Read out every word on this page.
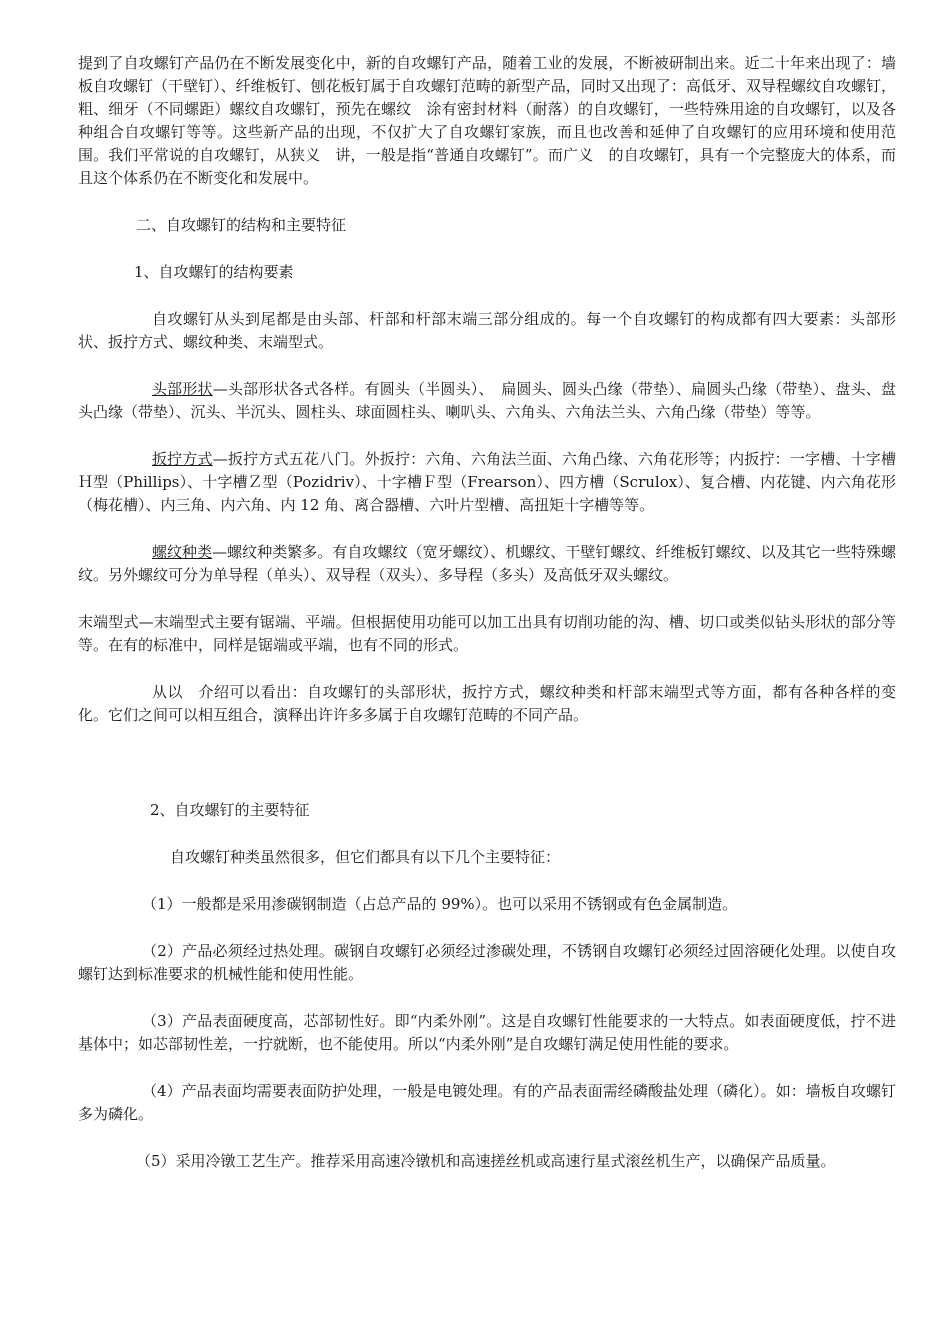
提到了自攻螺钉产品仍在不断发展变化中，新的自攻螺钉产品，随着工业的发展，不断被研制出来。近二十年来出现了：墙板自攻螺钉（干壁钉）、纤维板钉、刨花板钉属于自攻螺钉范畴的新型产品，同时又出现了：高低牙、双导程螺纹自攻螺钉，粗、细牙（不同螺距）螺纹自攻螺钉，预先在螺纹　涂有密封材料（耐落）的自攻螺钉，一些特殊用途的自攻螺钉，以及各种组合自攻螺钉等等。这些新产品的出现，不仅扩大了自攻螺钉家族，而且也改善和延伸了自攻螺钉的应用环境和使用范围。我们平常说的自攻螺钉，从狭义　讲，一般是指“普通自攻螺钉”。而广义　的自攻螺钉，具有一个完整庞大的体系，而且这个体系仍在不断变化和发展中。

二、自攻螺钉的结构和主要特征

1、自攻螺钉的结构要素

自攻螺钉从头到尾都是由头部、杆部和杆部末端三部分组成的。每一个自攻螺钉的构成都有四大要素：头部形状、扳拧方式、螺纹种类、末端型式。

头部形状—头部形状各式各样。有圆头（半圆头）、　扁圆头、圆头凸缘（带垫）、扁圆头凸缘（带垫）、盘头、盘头凸缘（带垫）、沉头、半沉头、圆柱头、球面圆柱头、喇叭头、六角头、六角法兰头、六角凸缘（带垫）等等。

扳拧方式—扳拧方式五花八门。外扳拧：六角、六角法兰面、六角凸缘、六角花形等；内扳拧：一字槽、十字槽Ｈ型（Phillips）、十字槽Ｚ型（Pozidriv）、十字槽Ｆ型（Frearson）、四方槽（Scrulox）、复合槽、内花键、内六角花形（梅花槽）、内三角、内六角、内 12 角、离合器槽、六叶片型槽、高扭矩十字槽等等。

螺纹种类—螺纹种类繁多。有自攻螺纹（宽牙螺纹）、机螺纹、干壁钉螺纹、纤维板钉螺纹、以及其它一些特殊螺纹。另外螺纹可分为单导程（单头）、双导程（双头）、多导程（多头）及高低牙双头螺纹。

末端型式—末端型式主要有锯端、平端。但根据使用功能可以加工出具有切削功能的沟、槽、切口或类似钻头形状的部分等等。在有的标准中，同样是锯端或平端，也有不同的形式。

从以　介绍可以看出：自攻螺钉的头部形状，扳拧方式，螺纹种类和杆部末端型式等方面，都有各种各样的变化。它们之间可以相互组合，演释出许许多多属于自攻螺钉范畴的不同产品。

2、自攻螺钉的主要特征

自攻螺钉种类虽然很多，但它们都具有以下几个主要特征：

（1）一般都是采用渗碳钢制造（占总产品的 99%）。也可以采用不锈钢或有色金属制造。

（2）产品必须经过热处理。碳钢自攻螺钉必须经过渗碳处理，不锈钢自攻螺钉必须经过固溶硬化处理。以使自攻螺钉达到标准要求的机械性能和使用性能。

（3）产品表面硬度高，芯部韧性好。即“内柔外刚”。这是自攻螺钉性能要求的一大特点。如表面硬度低，拧不进基体中；如芯部韧性差，一拧就断，也不能使用。所以“内柔外刚”是自攻螺钉满足使用性能的要求。

（4）产品表面均需要表面防护处理，一般是电镀处理。有的产品表面需经磷酸盐处理（磷化）。如：墙板自攻螺钉多为磷化。

（5）采用冷镦工艺生产。推荐采用高速冷镦机和高速搓丝机或高速行星式滚丝机生产，以确保产品质量。
